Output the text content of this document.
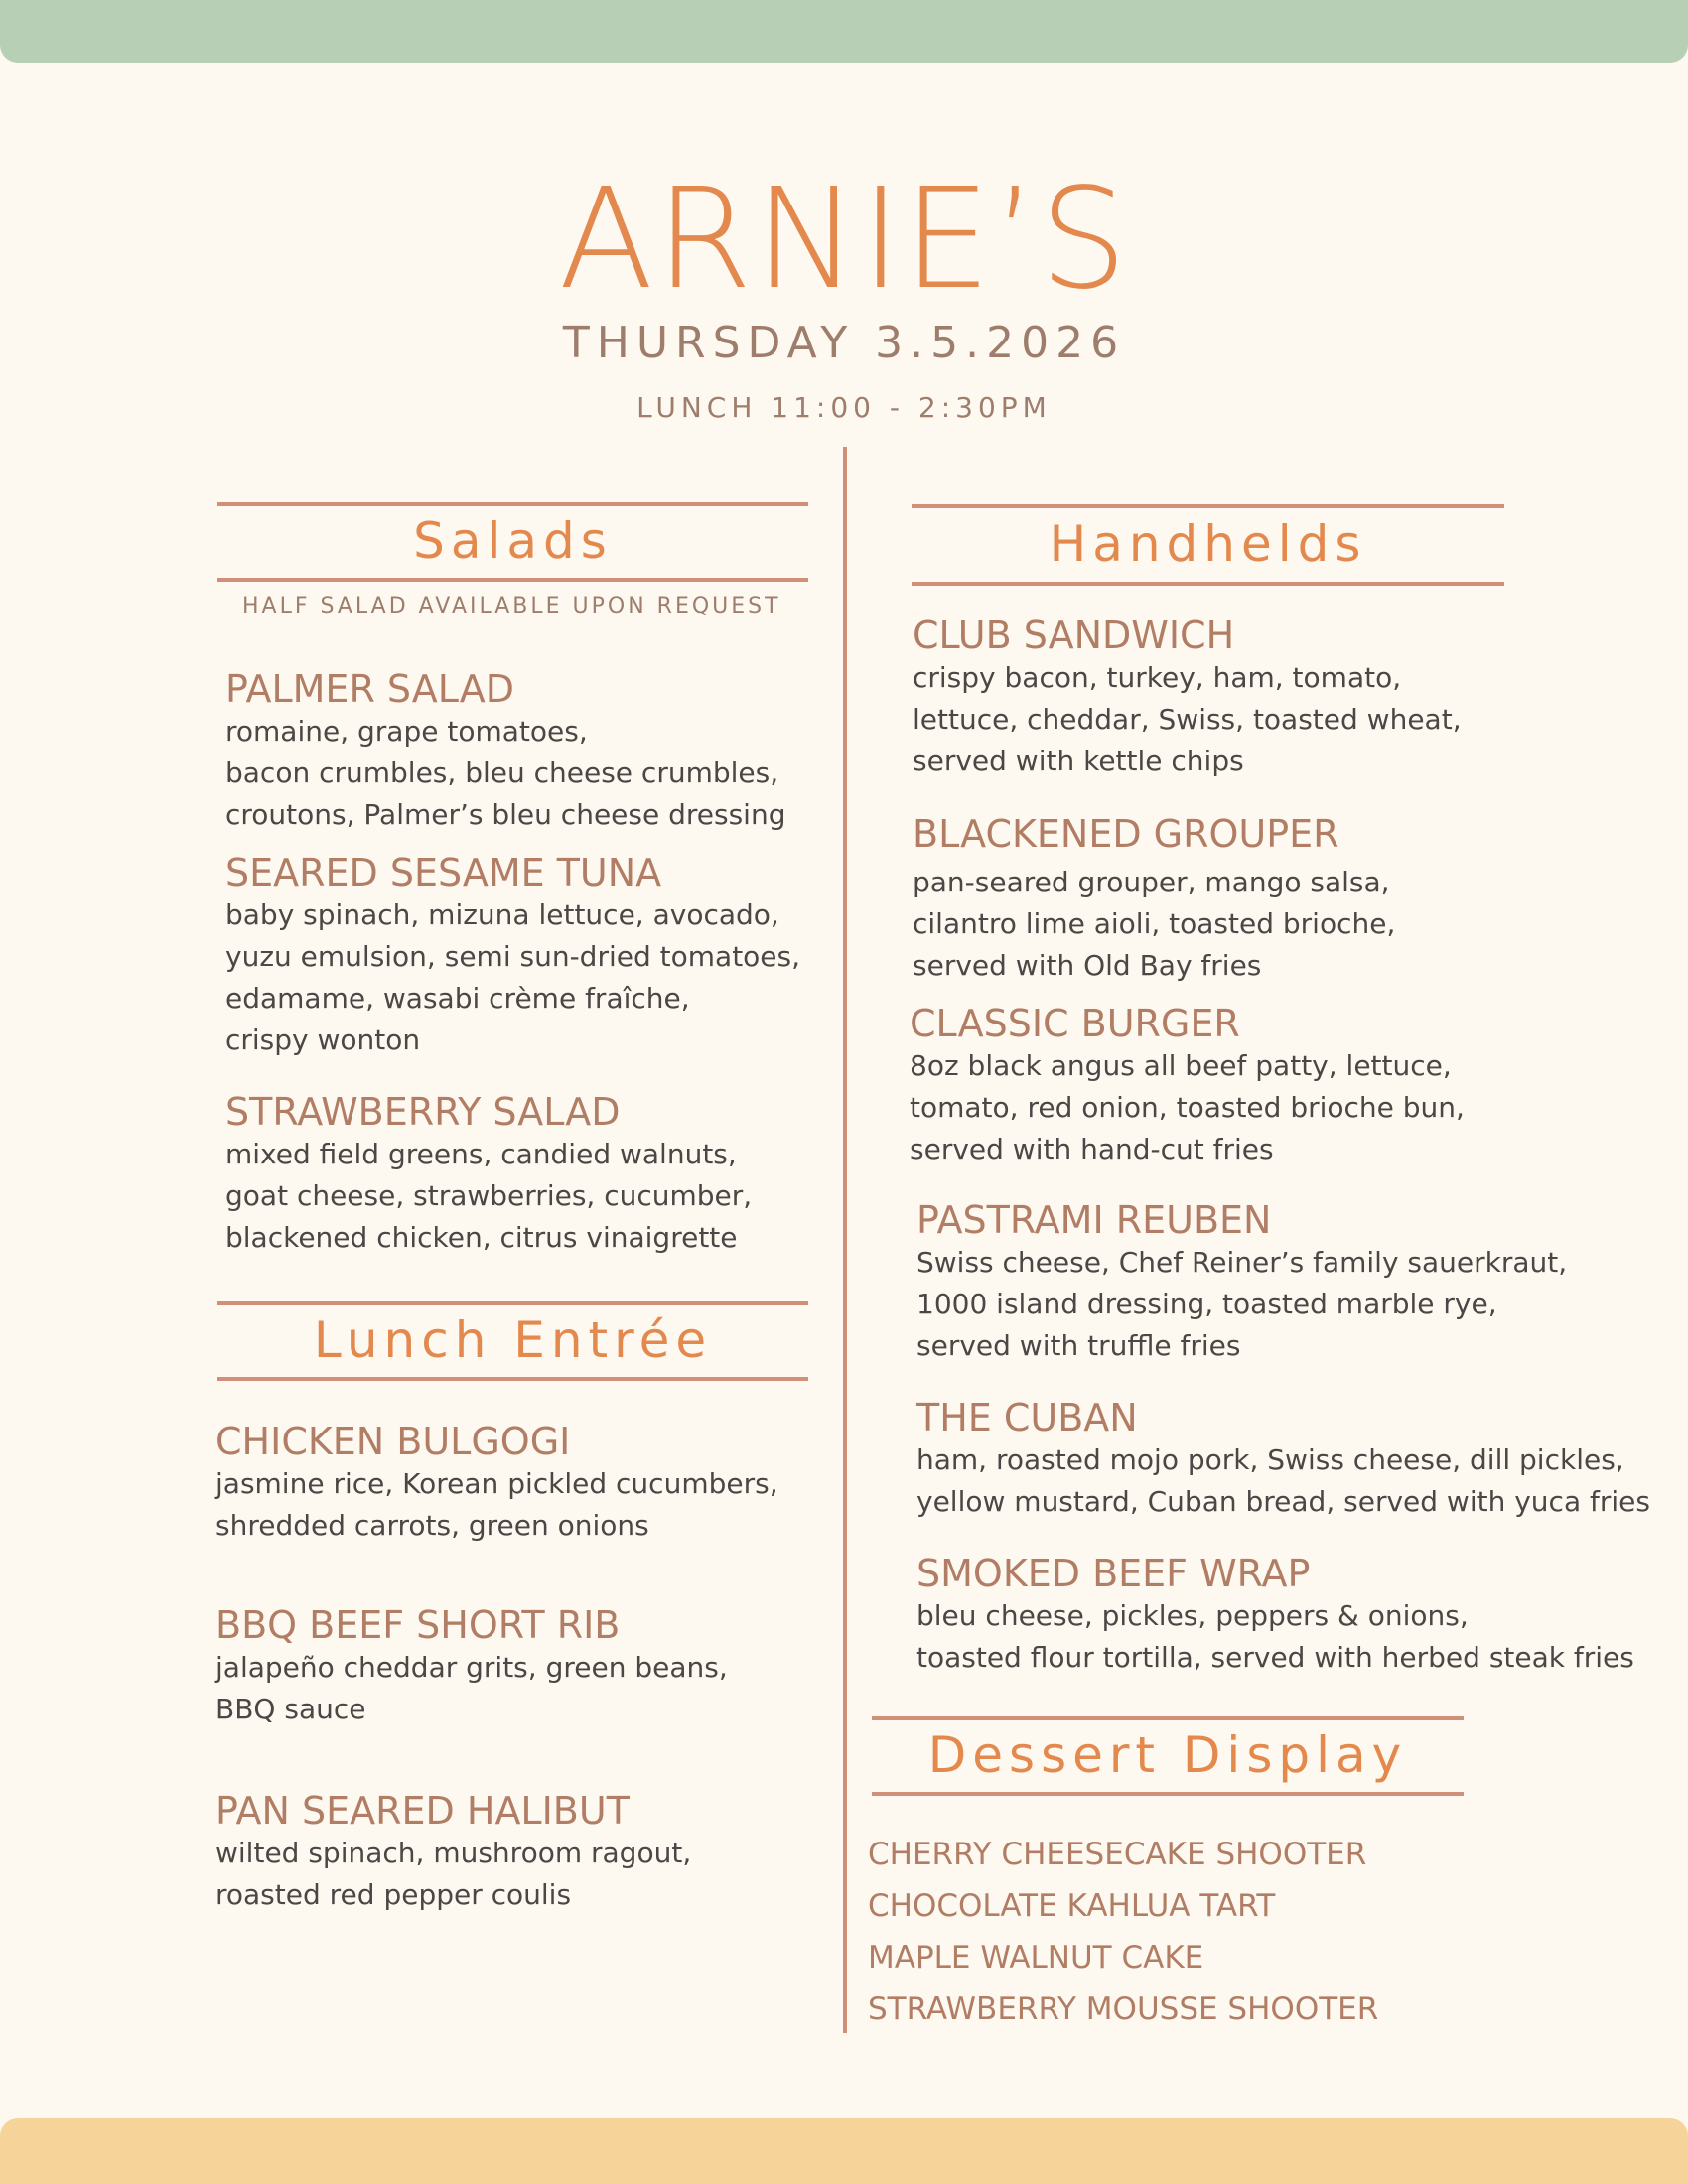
ARNIE’S
THURSDAY 3.5.2026
LUNCH 11:00 - 2:30PM
Salads
HALF SALAD AVAILABLE UPON REQUEST
PALMER SALAD
romaine, grape tomatoes,
bacon crumbles, bleu cheese crumbles,
croutons, Palmer’s bleu cheese dressing
SEARED SESAME TUNA
baby spinach, mizuna lettuce, avocado,
yuzu emulsion, semi sun-dried tomatoes,
edamame, wasabi crème fraîche,
crispy wonton
STRAWBERRY SALAD
mixed field greens, candied walnuts,
goat cheese, strawberries, cucumber,
blackened chicken, citrus vinaigrette
Lunch Entrée
CHICKEN BULGOGI
jasmine rice, Korean pickled cucumbers,
shredded carrots, green onions
BBQ BEEF SHORT RIB
jalapeño cheddar grits, green beans,
BBQ sauce
PAN SEARED HALIBUT
wilted spinach, mushroom ragout,
roasted red pepper coulis
Handhelds
CLUB SANDWICH
crispy bacon, turkey, ham, tomato,
lettuce, cheddar, Swiss, toasted wheat,
served with kettle chips
BLACKENED GROUPER
pan-seared grouper, mango salsa,
cilantro lime aioli, toasted brioche,
served with Old Bay fries
CLASSIC BURGER
8oz black angus all beef patty, lettuce,
tomato, red onion, toasted brioche bun,
served with hand-cut fries
PASTRAMI REUBEN
Swiss cheese, Chef Reiner’s family sauerkraut,
1000 island dressing, toasted marble rye,
served with truffle fries
THE CUBAN
ham, roasted mojo pork, Swiss cheese, dill pickles,
yellow mustard, Cuban bread, served with yuca fries
SMOKED BEEF WRAP
bleu cheese, pickles, peppers & onions,
toasted flour tortilla, served with herbed steak fries
Dessert Display
CHERRY CHEESECAKE SHOOTER
CHOCOLATE KAHLUA TART
MAPLE WALNUT CAKE
STRAWBERRY MOUSSE SHOOTER
